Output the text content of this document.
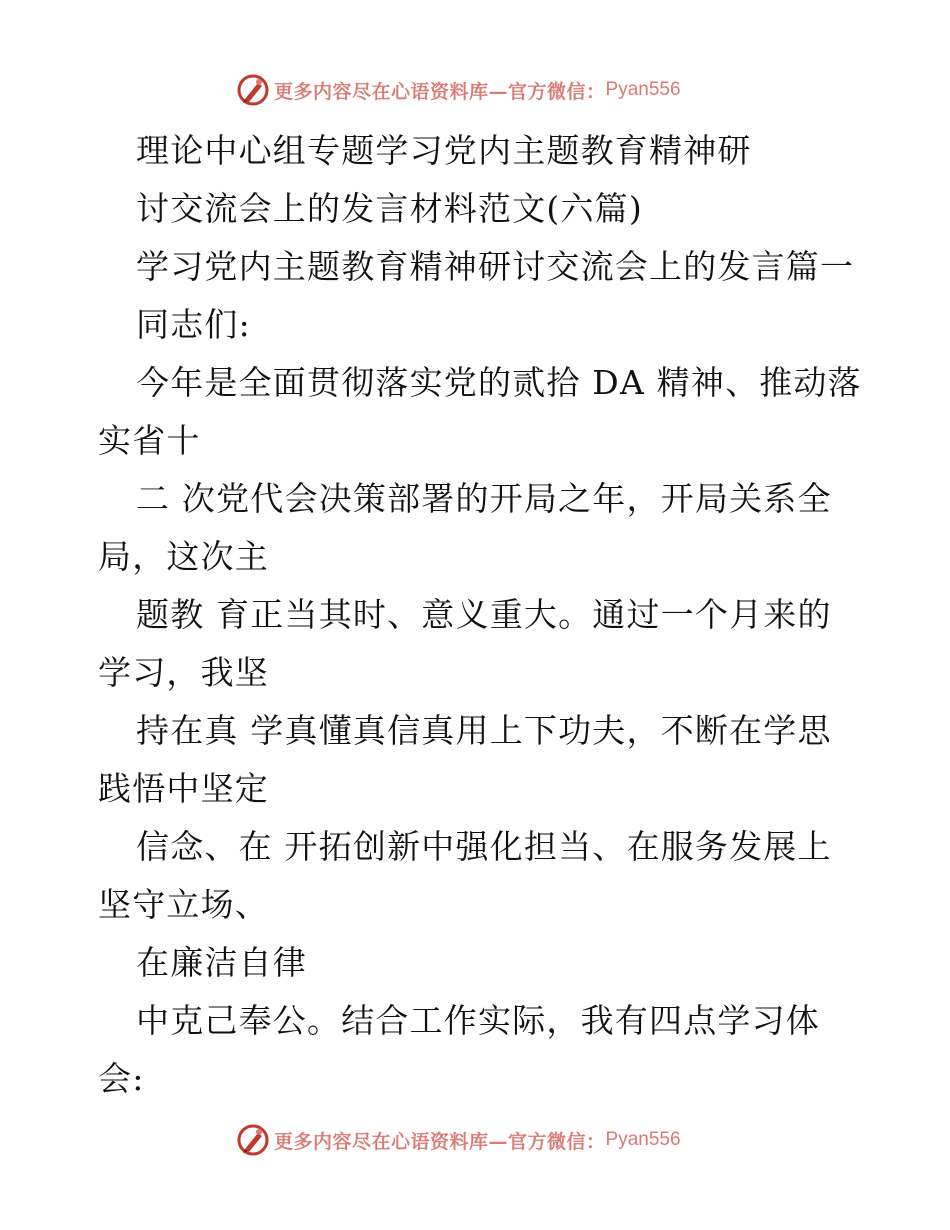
更多内容尽在心语资料库—官方微信： Pyan556
理论中心组专题学习党内主题教育精神研
讨交流会上的发言材料范文(六篇)
学习党内主题教育精神研讨交流会上的发言篇一
同志们:
今年是全面贯彻落实党的贰拾 DA 精神、推动落
实省十
二 次党代会决策部署的开局之年，开局关系全
局，这次主
题教 育正当其时、意义重大。通过一个月来的
学习，我坚
持在真 学真懂真信真用上下功夫，不断在学思
践悟中坚定
信念、在 开拓创新中强化担当、在服务发展上
坚守立场、
在廉洁自律
中克己奉公。结合工作实际，我有四点学习体
会:
更多内容尽在心语资料库—官方微信： Pyan556
